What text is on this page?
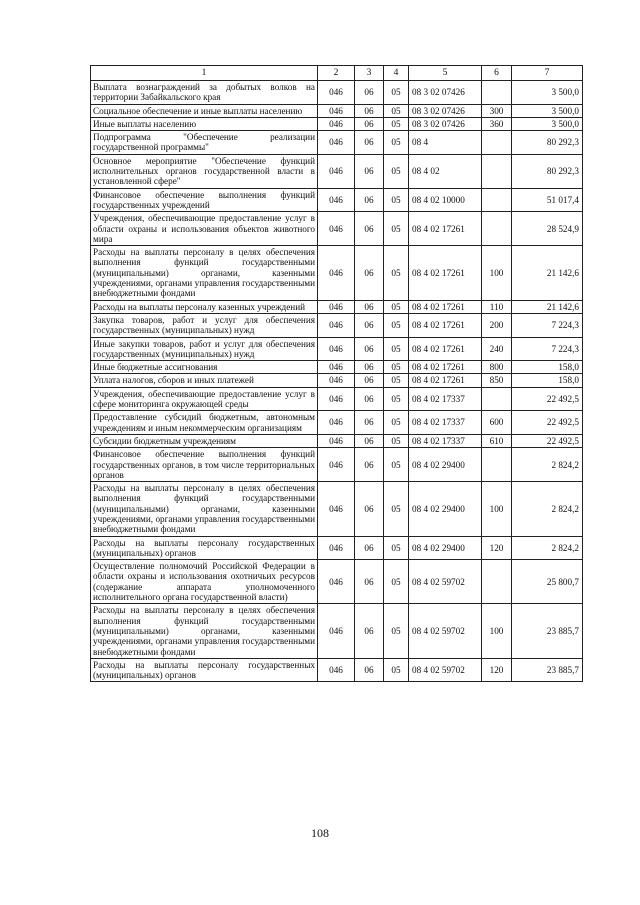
1	2	3	4	5	6	7
Выплата вознаграждений за добытых волков на территории Забайкальского края	046	06	05	08 3 02 07426		3 500,0
Социальное обеспечение и иные выплаты населению	046	06	05	08 3 02 07426	300	3 500,0
Иные выплаты населению	046	06	05	08 3 02 07426	360	3 500,0
Подпрограмма "Обеспечение реализации государственной программы"	046	06	05	08 4		80 292,3
Основное мероприятие "Обеспечение функций исполнительных органов государственной власти в установленной сфере"	046	06	05	08 4 02		80 292,3
Финансовое обеспечение выполнения функций государственных учреждений	046	06	05	08 4 02 10000		51 017,4
Учреждения, обеспечивающие предоставление услуг в области охраны и использования объектов животного мира	046	06	05	08 4 02 17261		28 524,9
Расходы на выплаты персоналу в целях обеспечения выполнения функций государственными (муниципальными) органами, казенными учреждениями, органами управления государственными внебюджетными фондами	046	06	05	08 4 02 17261	100	21 142,6
Расходы на выплаты персоналу казенных учреждений	046	06	05	08 4 02 17261	110	21 142,6
Закупка товаров, работ и услуг для обеспечения государственных (муниципальных) нужд	046	06	05	08 4 02 17261	200	7 224,3
Иные закупки товаров, работ и услуг для обеспечения государственных (муниципальных) нужд	046	06	05	08 4 02 17261	240	7 224,3
Иные бюджетные ассигнования	046	06	05	08 4 02 17261	800	158,0
Уплата налогов, сборов и иных платежей	046	06	05	08 4 02 17261	850	158,0
Учреждения, обеспечивающие предоставление услуг в сфере мониторинга окружающей среды	046	06	05	08 4 02 17337		22 492,5
Предоставление субсидий бюджетным, автономным учреждениям и иным некоммерческим организациям	046	06	05	08 4 02 17337	600	22 492,5
Субсидии бюджетным учреждениям	046	06	05	08 4 02 17337	610	22 492,5
Финансовое обеспечение выполнения функций государственных органов, в том числе территориальных органов	046	06	05	08 4 02 29400		2 824,2
Расходы на выплаты персоналу в целях обеспечения выполнения функций государственными (муниципальными) органами, казенными учреждениями, органами управления государственными внебюджетными фондами	046	06	05	08 4 02 29400	100	2 824,2
Расходы на выплаты персоналу государственных (муниципальных) органов	046	06	05	08 4 02 29400	120	2 824,2
Осуществление полномочий Российской Федерации в области охраны и использования охотничьих ресурсов (содержание аппарата уполномоченного исполнительного органа государственной власти)	046	06	05	08 4 02 59702		25 800,7
Расходы на выплаты персоналу в целях обеспечения выполнения функций государственными (муниципальными) органами, казенными учреждениями, органами управления государственными внебюджетными фондами	046	06	05	08 4 02 59702	100	23 885,7
Расходы на выплаты персоналу государственных (муниципальных) органов	046	06	05	08 4 02 59702	120	23 885,7
108
